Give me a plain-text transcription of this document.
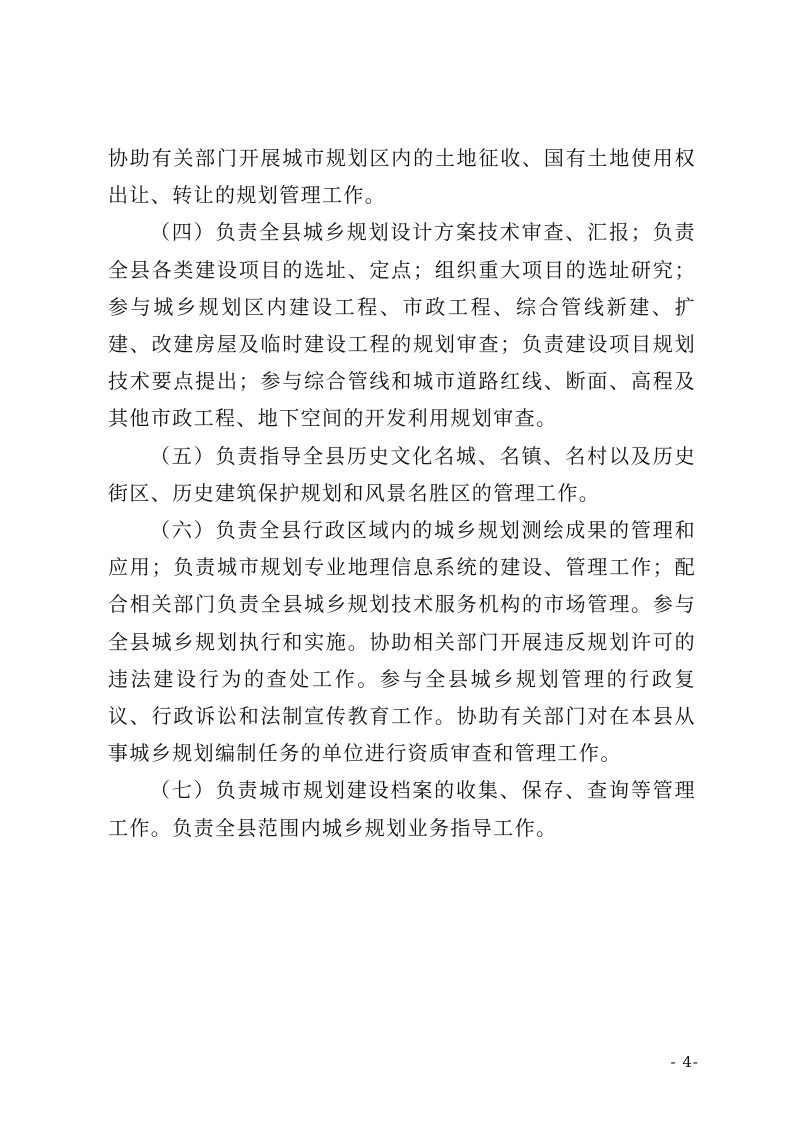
协助有关部门开展城市规划区内的土地征收、国有土地使用权出让、转让的规划管理工作。

（四）负责全县城乡规划设计方案技术审查、汇报；负责全县各类建设项目的选址、定点；组织重大项目的选址研究；参与城乡规划区内建设工程、市政工程、综合管线新建、扩建、改建房屋及临时建设工程的规划审查；负责建设项目规划技术要点提出；参与综合管线和城市道路红线、断面、高程及其他市政工程、地下空间的开发利用规划审查。

（五）负责指导全县历史文化名城、名镇、名村以及历史街区、历史建筑保护规划和风景名胜区的管理工作。

（六）负责全县行政区域内的城乡规划测绘成果的管理和应用；负责城市规划专业地理信息系统的建设、管理工作；配合相关部门负责全县城乡规划技术服务机构的市场管理。参与全县城乡规划执行和实施。协助相关部门开展违反规划许可的违法建设行为的查处工作。参与全县城乡规划管理的行政复议、行政诉讼和法制宣传教育工作。协助有关部门对在本县从事城乡规划编制任务的单位进行资质审查和管理工作。

（七）负责城市规划建设档案的收集、保存、查询等管理工作。负责全县范围内城乡规划业务指导工作。

- 4-
